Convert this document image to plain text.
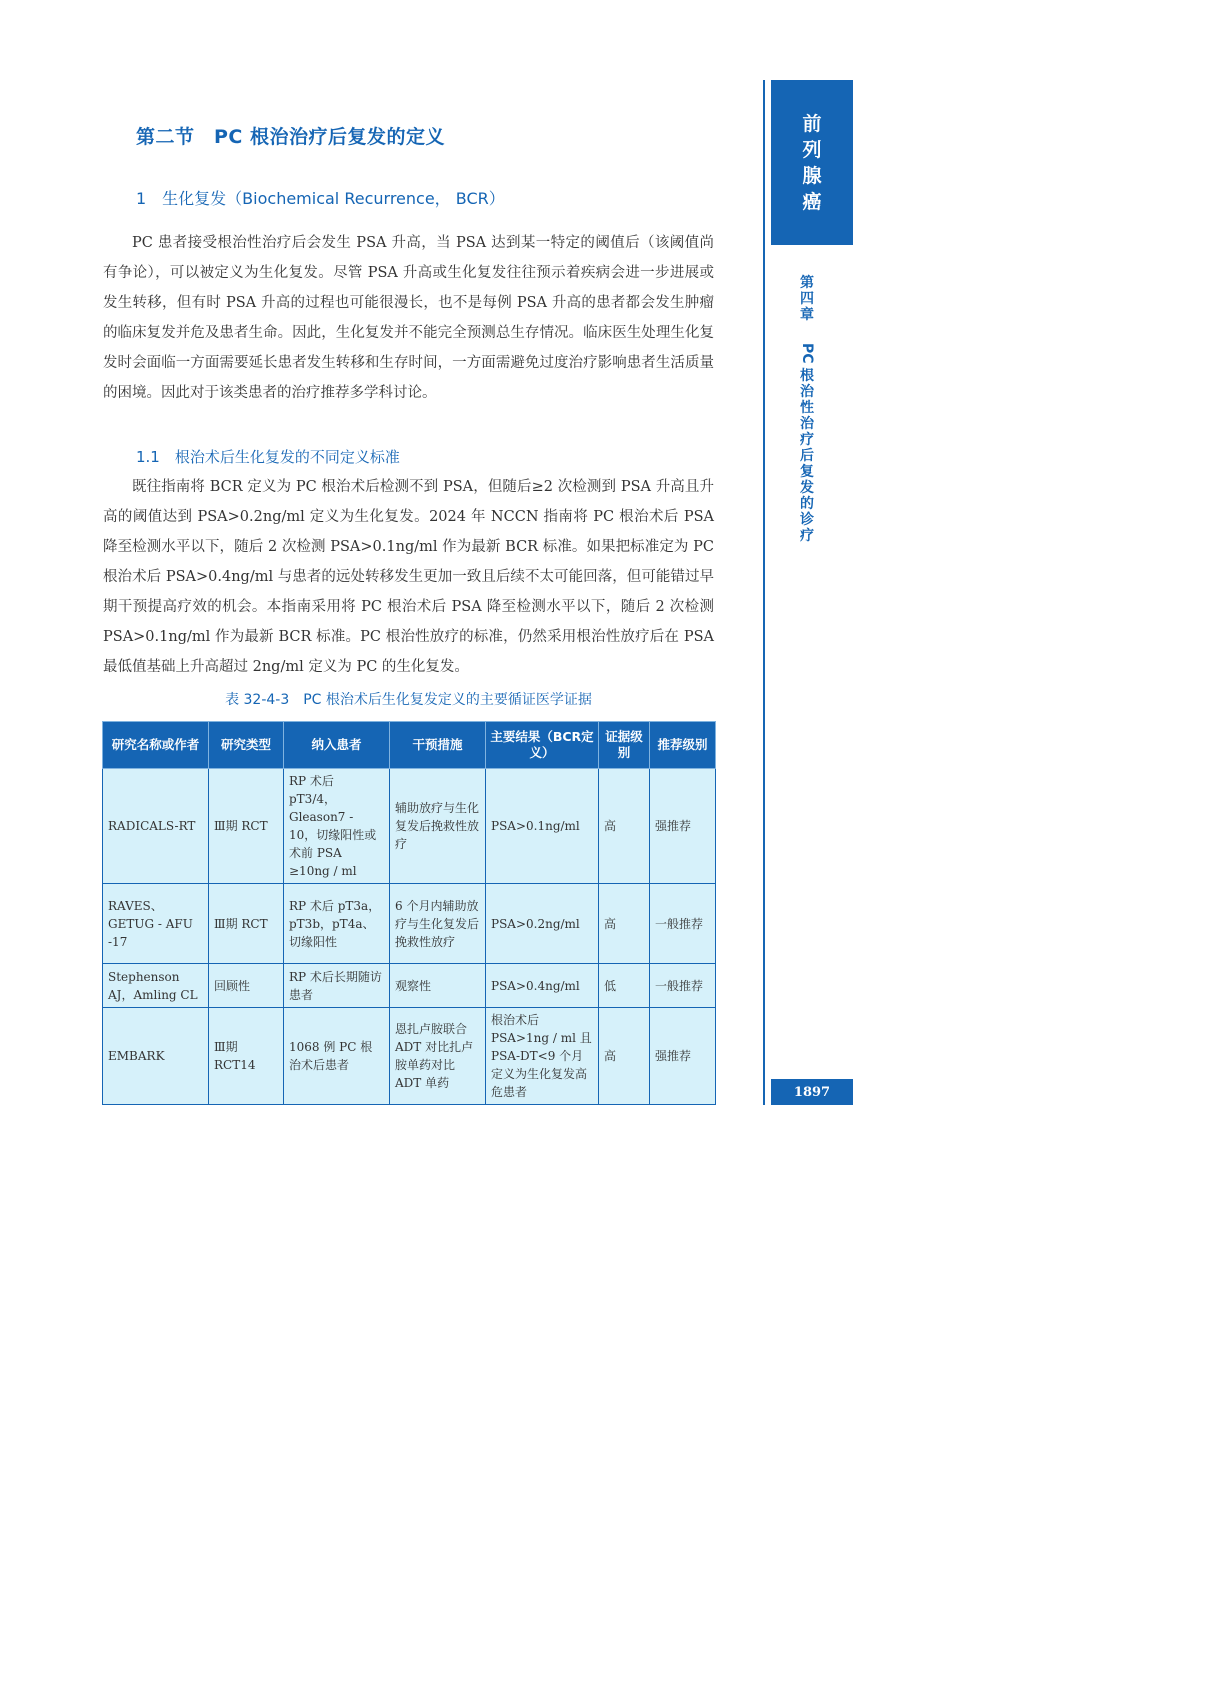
前
列
腺
癌
第
四
章
PC
根
治
性
治
疗
后
复
发
的
诊
疗
1897
第二节　PC 根治治疗后复发的定义
1　生化复发（Biochemical Recurrence， BCR）
PC 患者接受根治性治疗后会发生 PSA 升高，当 PSA 达到某一特定的阈值后（该阈值尚有争论），可以被定义为生化复发。尽管 PSA 升高或生化复发往往预示着疾病会进一步进展或发生转移，但有时 PSA 升高的过程也可能很漫长，也不是每例 PSA 升高的患者都会发生肿瘤的临床复发并危及患者生命。因此，生化复发并不能完全预测总生存情况。临床医生处理生化复发时会面临一方面需要延长患者发生转移和生存时间，一方面需避免过度治疗影响患者生活质量的困境。因此对于该类患者的治疗推荐多学科讨论。
1.1　根治术后生化复发的不同定义标准
既往指南将 BCR 定义为 PC 根治术后检测不到 PSA，但随后≥2 次检测到 PSA 升高且升高的阈值达到 PSA>0.2ng/ml 定义为生化复发。2024 年 NCCN 指南将 PC 根治术后 PSA 降至检测水平以下，随后 2 次检测 PSA>0.1ng/ml 作为最新 BCR 标准。如果把标准定为 PC 根治术后 PSA>0.4ng/ml 与患者的远处转移发生更加一致且后续不太可能回落，但可能错过早期干预提高疗效的机会。本指南采用将 PC 根治术后 PSA 降至检测水平以下，随后 2 次检测 PSA>0.1ng/ml 作为最新 BCR 标准。PC 根治性放疗的标准，仍然采用根治性放疗后在 PSA 最低值基础上升高超过 2ng/ml 定义为 PC 的生化复发。
表 32-4-3　PC 根治术后生化复发定义的主要循证医学证据
研究名称或作者	研究类型	纳入患者	干预措施	主要结果（BCR定义）	证据级别	推荐级别
RADICALS-RT	Ⅲ期 RCT	RP 术后 pT3/4，Gleason7 - 10，切缘阳性或术前 PSA ≥10ng / ml	辅助放疗与生化复发后挽救性放疗	PSA>0.1ng/ml	高	强推荐
RAVES、GETUG - AFU -17	Ⅲ期 RCT	RP 术后 pT3a，pT3b，pT4a、切缘阳性	6 个月内辅助放疗与生化复发后挽救性放疗	PSA>0.2ng/ml	高	一般推荐
Stephenson AJ，Amling CL	回顾性	RP 术后长期随访患者	观察性	PSA>0.4ng/ml	低	一般推荐
EMBARK	Ⅲ期 RCT14	1068 例 PC 根治术后患者	恩扎卢胺联合 ADT 对比扎卢胺单药对比 ADT 单药	根治术后 PSA>1ng / ml 且 PSA-DT<9 个月定义为生化复发高危患者	高	强推荐
